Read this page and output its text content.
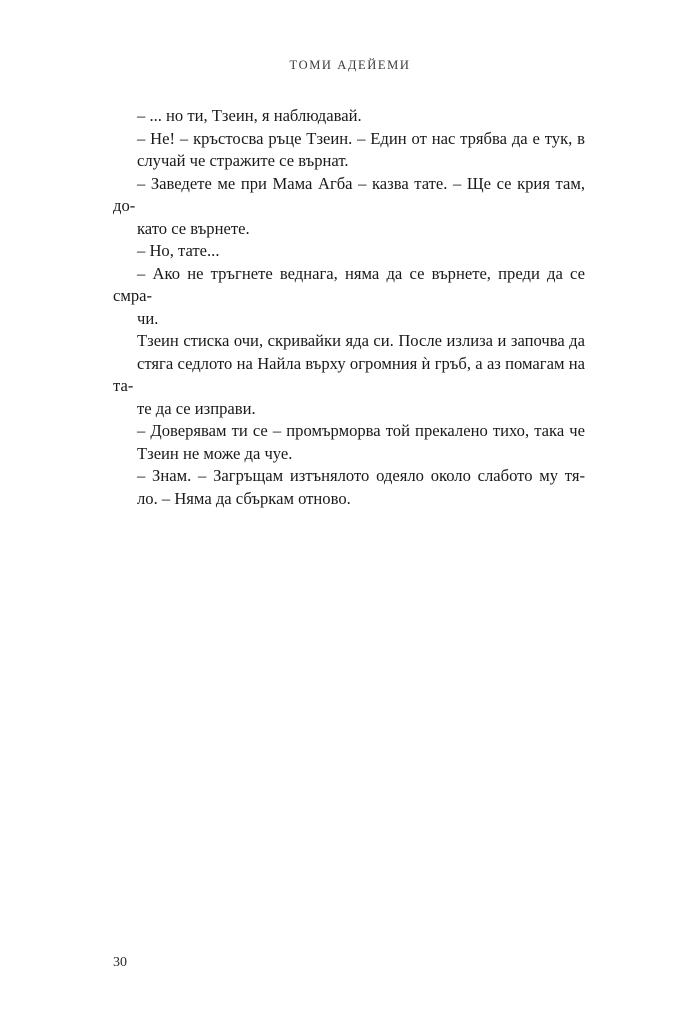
ТОМИ АДЕЙЕМИ

– ... но ти, Тзеин, я наблюдавай.

– Не! – кръстосва ръце Тзеин. – Един от нас трябва да е тук, в
случай че стражите се върнат.

– Заведете ме при Мама Агба – казва тате. – Ще се крия там, до-
като се върнете.

– Но, тате...

– Ако не тръгнете веднага, няма да се върнете, преди да се смра-
чи.

Тзеин стиска очи, скривайки яда си. После излиза и започва да
стяга седлото на Найла върху огромния ѝ гръб, а аз помагам на та-
те да се изправи.

– Доверявам ти се – промърморва той прекалено тихо, така че
Тзеин не може да чуе.

– Знам. – Загръщам изтънялото одеяло около слабото му тя-
ло. – Няма да сбъркам отново.

30
